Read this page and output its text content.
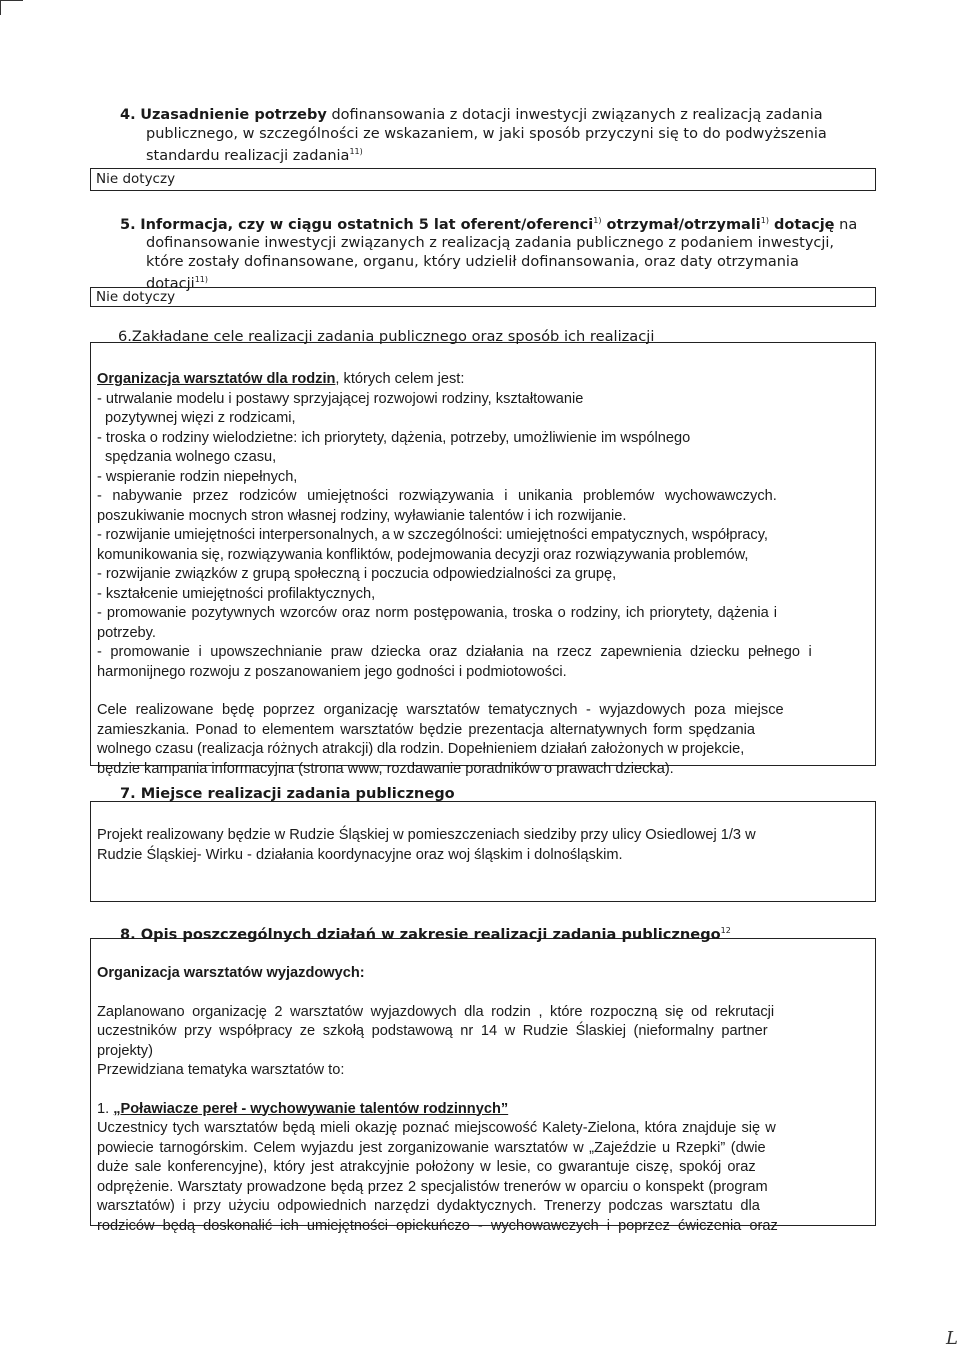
4. Uzasadnienie potrzeby dofinansowania z dotacji inwestycji związanych z realizacją zadania
publicznego, w szczególności ze wskazaniem, w jaki sposób przyczyni się to do podwyższenia
standardu realizacji zadania$^{11)}$
Nie dotyczy
5. Informacja, czy w ciągu ostatnich 5 lat oferent/oferenci$^{1)}$ otrzymał/otrzymali$^{1)}$ dotację na
dofinansowanie inwestycji związanych z realizacją zadania publicznego z podaniem inwestycji,
które zostały dofinansowane, organu, który udzielił dofinansowania, oraz daty otrzymania
dotacji$^{11)}$
Nie dotyczy
6.Zakładane cele realizacji zadania publicznego oraz sposób ich realizacji

Organizacja warsztatów dla rodzin, których celem jest:

- utrwalanie modelu i postawy sprzyjającej rozwojowi rodziny, kształtowanie

pozytywnej więzi z rodzicami,

- troska o rodziny wielodzietne: ich priorytety, dążenia, potrzeby, umożliwienie im wspólnego

spędzania wolnego czasu,

- wspieranie rodzin niepełnych,

- nabywanie przez rodziców umiejętności rozwiązywania i unikania problemów wychowawczych.

poszukiwanie mocnych stron własnej rodziny, wyławianie talentów i ich rozwijanie.

- rozwijanie umiejętności interpersonalnych, a w szczególności: umiejętności empatycznych, współpracy,

komunikowania się, rozwiązywania konfliktów, podejmowania decyzji oraz rozwiązywania problemów,

- rozwijanie związków z grupą społeczną i poczucia odpowiedzialności za grupę,

- kształcenie umiejętności profilaktycznych,

- promowanie pozytywnych wzorców oraz norm postępowania, troska o rodziny, ich priorytety, dążenia i

potrzeby.

- promowanie i upowszechnianie praw dziecka oraz działania na rzecz zapewnienia dziecku pełnego i

harmonijnego rozwoju z poszanowaniem jego godności i podmiotowości.

Cele realizowane będę poprzez organizację warsztatów tematycznych - wyjazdowych poza miejsce

zamieszkania. Ponad to elementem warsztatów będzie prezentacja alternatywnych form spędzania

wolnego czasu (realizacja różnych atrakcji) dla rodzin. Dopełnieniem działań założonych w projekcie,

będzie kampania informacyjna (strona www, rozdawanie poradników o prawach dziecka).

7. Miejsce realizacji zadania publicznego

Projekt realizowany będzie w Rudzie Śląskiej w pomieszczeniach siedziby przy ulicy Osiedlowej 1/3 w

Rudzie Śląskiej- Wirku - działania koordynacyjne oraz woj śląskim i dolnośląskim.

8. Opis poszczególnych działań w zakresie realizacji zadania publicznego$^{12}$

Organizacja warsztatów wyjazdowych:

Zaplanowano organizację 2 warsztatów wyjazdowych dla rodzin , które rozpoczną się od rekrutacji

uczestników przy współpracy ze szkołą podstawową nr 14 w Rudzie Ślaskiej (nieformalny partner

projekty)

Przewidziana tematyka warsztatów to:

1. „Poławiacze pereł - wychowywanie talentów rodzinnych”

Uczestnicy tych warsztatów będą mieli okazję poznać miejscowość Kalety-Zielona, która znajduje się w

powiecie tarnogórskim. Celem wyjazdu jest zorganizowanie warsztatów w „Zajeździe u Rzepki” (dwie

duże sale konferencyjne), który jest atrakcyjnie położony w lesie, co gwarantuje ciszę, spokój oraz

odprężenie. Warsztaty prowadzone będą przez 2 specjalistów trenerów w oparciu o konspekt (program

warsztatów) i przy użyciu odpowiednich narzędzi dydaktycznych. Trenerzy podczas warsztatu dla

rodziców będą doskonalić ich umiejętności opiekuńczo - wychowawczych i poprzez ćwiczenia oraz

L
